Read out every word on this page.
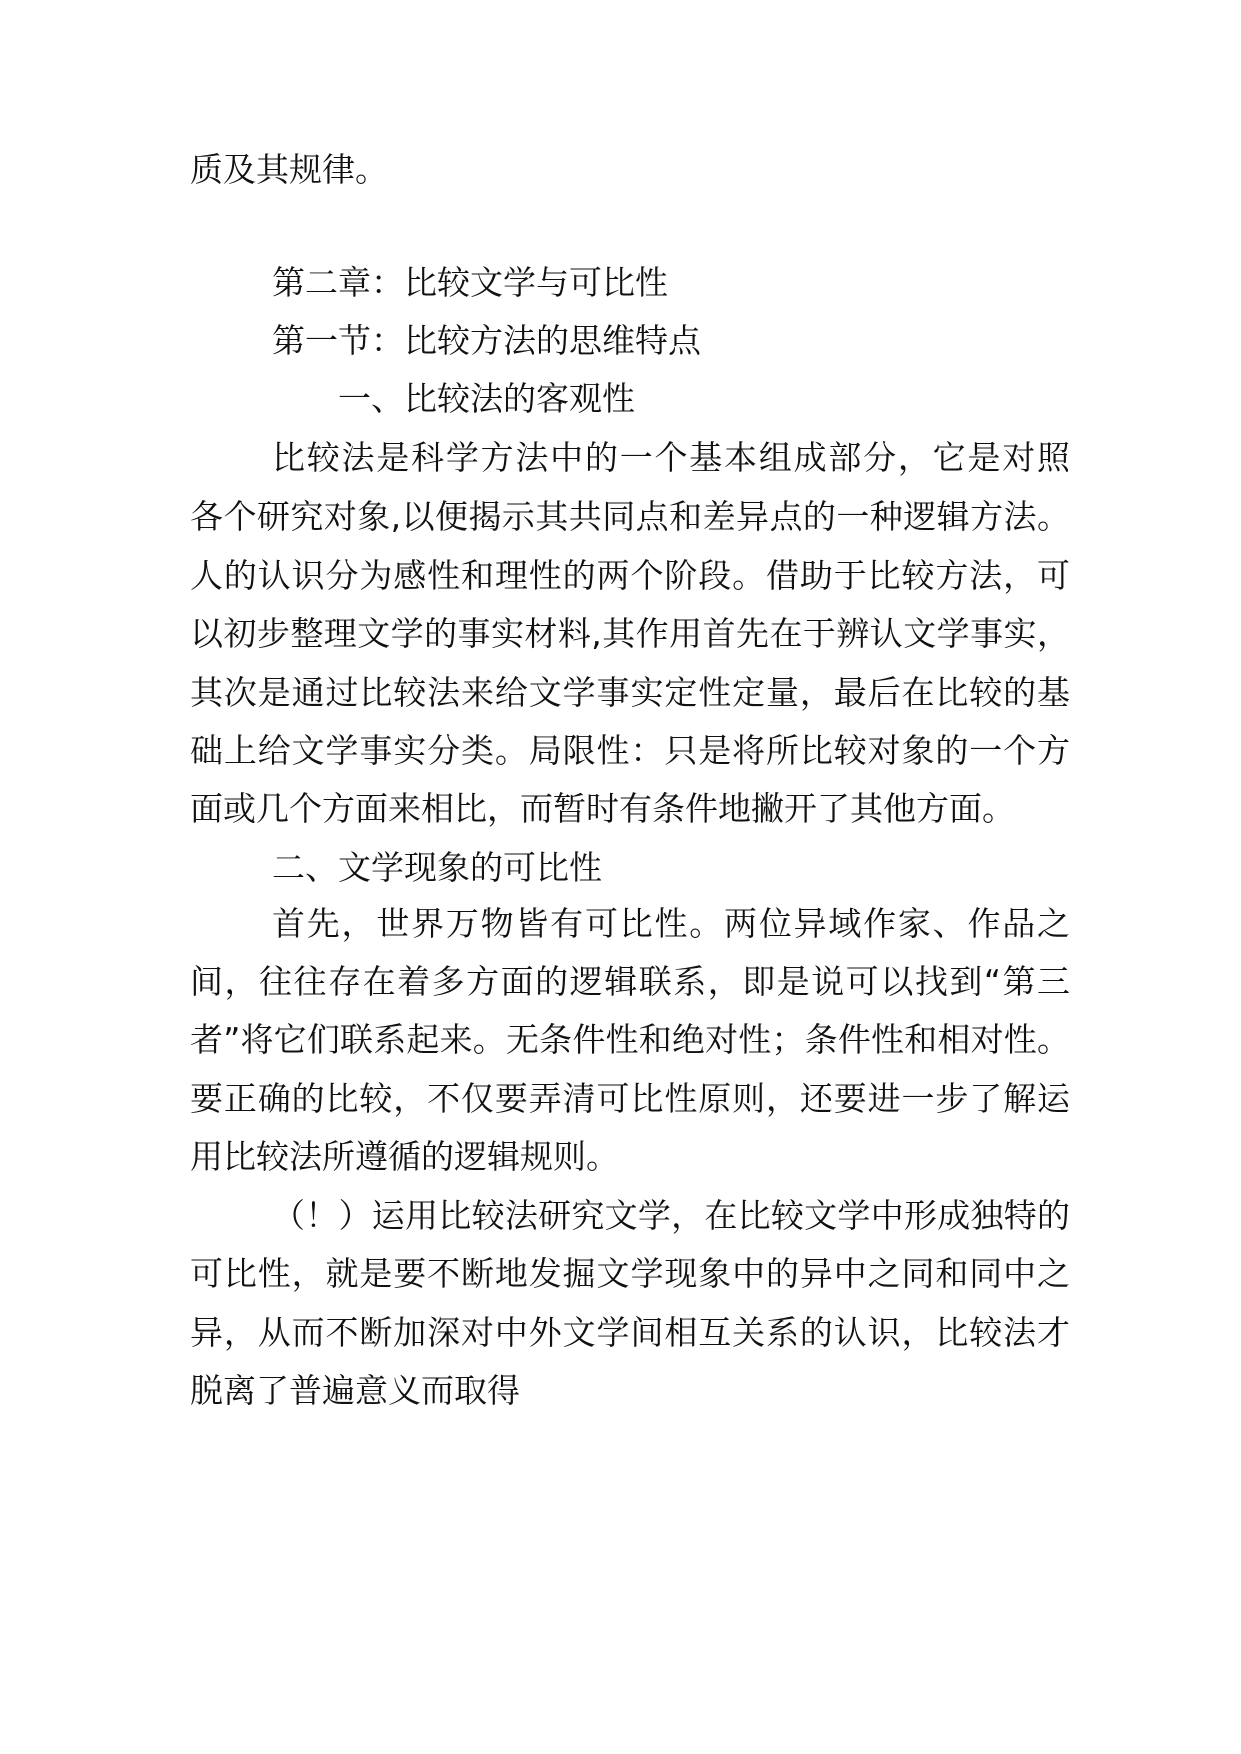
质及其规律。
第二章：比较文学与可比性
第一节：比较方法的思维特点
一、比较法的客观性
比较法是科学方法中的一个基本组成部分，它是对照
各个研究对象,以便揭示其共同点和差异点的一种逻辑方法。
人的认识分为感性和理性的两个阶段。借助于比较方法，可
以初步整理文学的事实材料,其作用首先在于辨认文学事实，
其次是通过比较法来给文学事实定性定量，最后在比较的基
础上给文学事实分类。局限性：只是将所比较对象的一个方
面或几个方面来相比，而暂时有条件地撇开了其他方面。
二、文学现象的可比性
首先，世界万物皆有可比性。两位异域作家、作品之
间，往往存在着多方面的逻辑联系，即是说可以找到“第三
者”将它们联系起来。无条件性和绝对性；条件性和相对性。
要正确的比较，不仅要弄清可比性原则，还要进一步了解运
用比较法所遵循的逻辑规则。
（！）运用比较法研究文学，在比较文学中形成独特的
可比性，就是要不断地发掘文学现象中的异中之同和同中之
异，从而不断加深对中外文学间相互关系的认识，比较法才
脱离了普遍意义而取得
